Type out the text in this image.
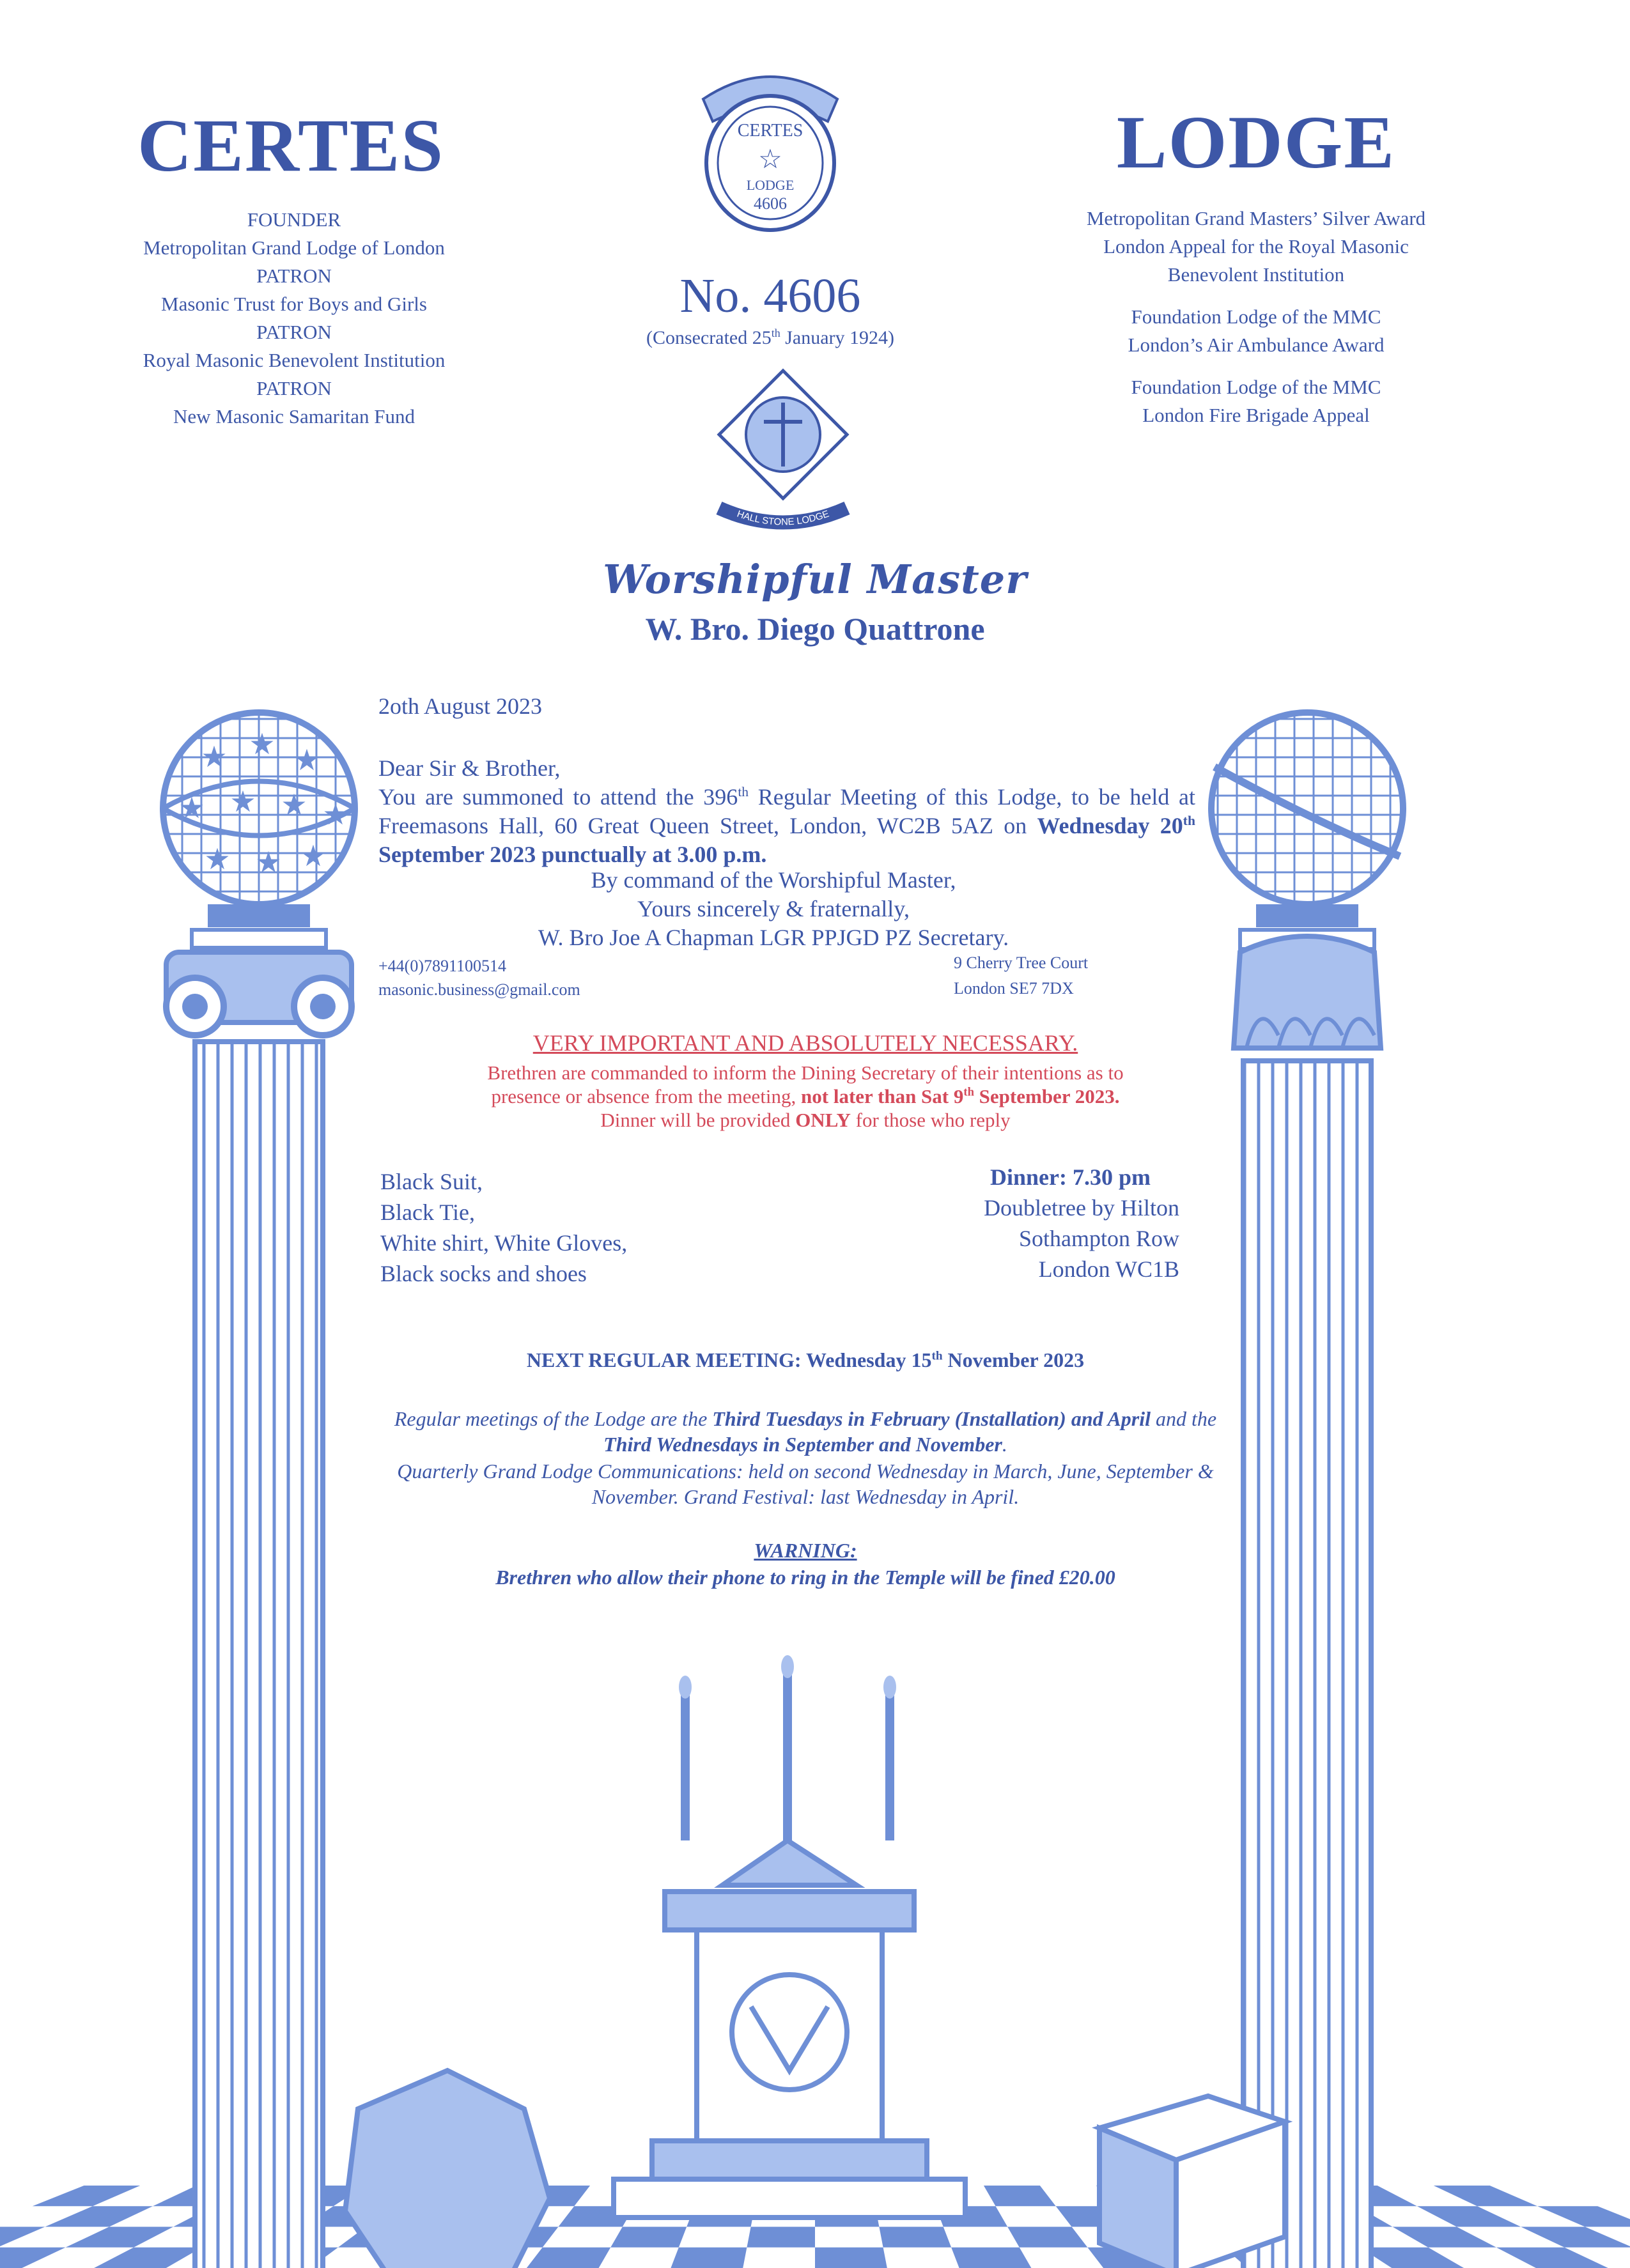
★ ★ ★
★ ★ ★ ★
★ ★ ★
CERTES
FOUNDER
Metropolitan Grand Lodge of London
PATRON
Masonic Trust for Boys and Girls
PATRON
Royal Masonic Benevolent Institution
PATRON
New Masonic Samaritan Fund
LODGE

Metropolitan Grand Masters’ Silver Award
London Appeal for the Royal Masonic
Benevolent Institution

Foundation Lodge of the MMC
London’s Air Ambulance Award

Foundation Lodge of the MMC
London Fire Brigade Appeal

CERTES
☆
LODGE
4606
No. 4606
(Consecrated 25th January 1924)
HALL STONE LODGE
Worshipful Master
W. Bro. Diego Quattrone
2oth August 2023
Dear Sir & Brother,
You are summoned to attend the 396th Regular Meeting of this Lodge, to be held at Freemasons Hall, 60 Great Queen Street, London, WC2B 5AZ on Wednesday 20th September 2023 punctually at 3.00 p.m.
By command of the Worshipful Master,
Yours sincerely & fraternally,
W. Bro Joe A Chapman LGR PPJGD PZ Secretary.
+44(0)7891100514
masonic.business@gmail.com
9 Cherry Tree Court
London SE7 7DX
VERY IMPORTANT AND ABSOLUTELY NECESSARY.
Brethren are commanded to inform the Dining Secretary of their intentions as to
presence or absence from the meeting, not later than Sat 9th September 2023.
Dinner will be provided ONLY for those who reply
Black Suit,
Black Tie,
White shirt, White Gloves,
Black socks and shoes
Dinner: 7.30 pm
Doubletree by Hilton
Sothampton Row
London WC1B
NEXT REGULAR MEETING: Wednesday 15th November 2023
Regular meetings of the Lodge are the Third Tuesdays in February (Installation) and April and the Third Wednesdays in September and November.
Quarterly Grand Lodge Communications: held on second Wednesday in March, June, September & November. Grand Festival: last Wednesday in April.
WARNING:
Brethren who allow their phone to ring in the Temple will be fined £20.00
